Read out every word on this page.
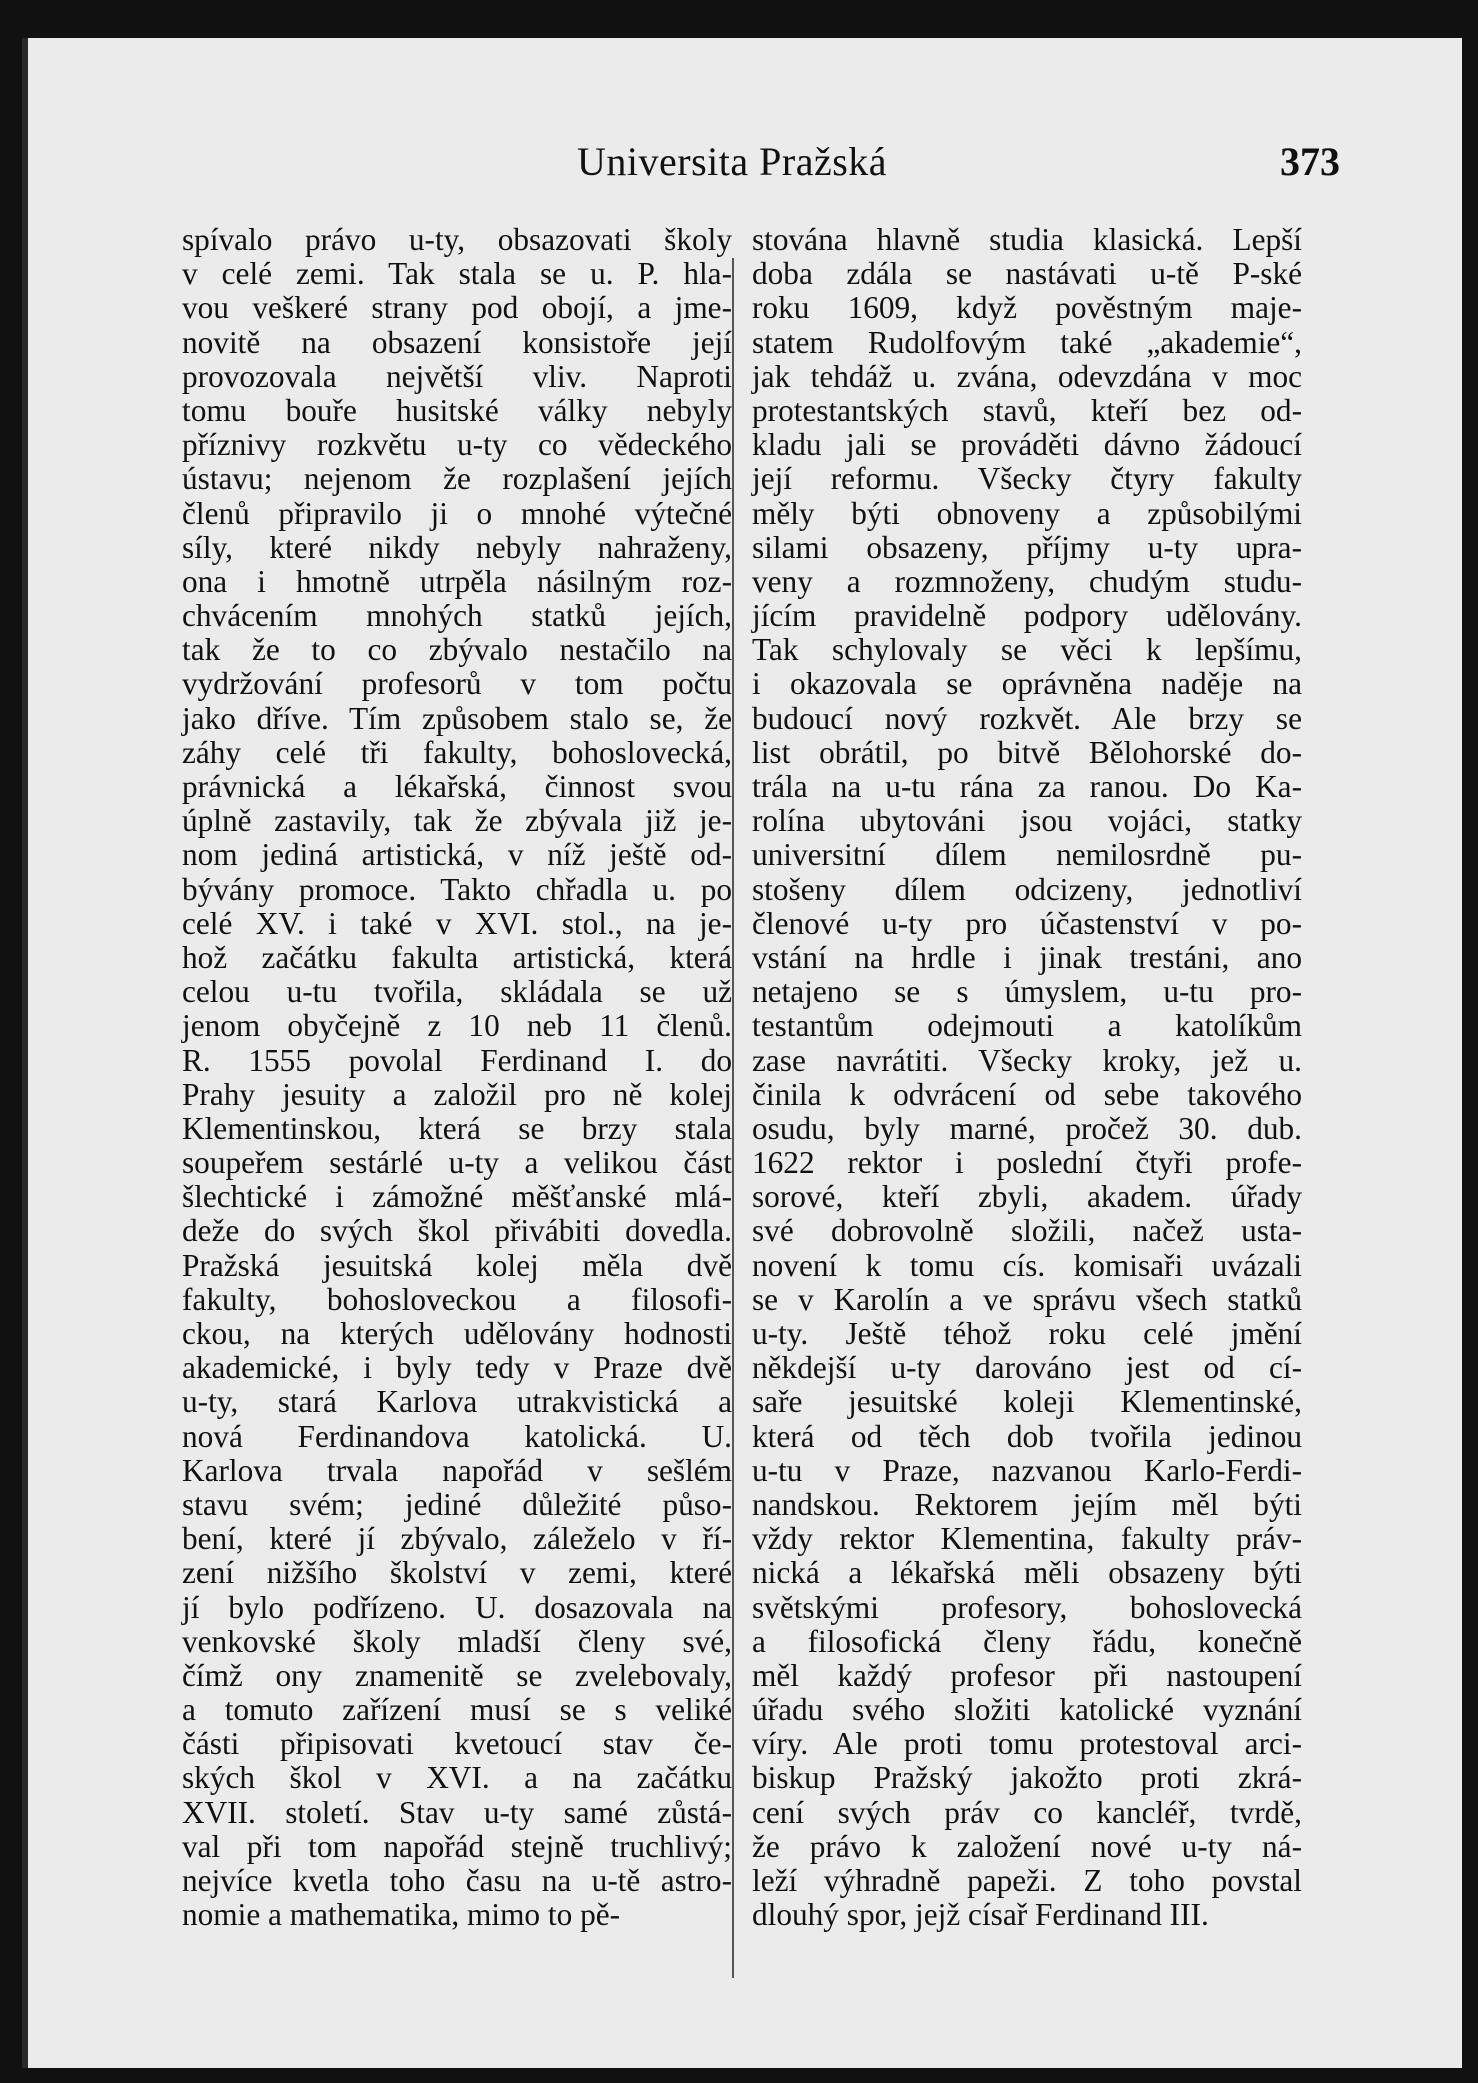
Universita Pražská	373
spívalo právo u-ty, obsazovati školy
v celé zemi. Tak stala se u. P. hla-
vou veškeré strany pod obojí, a jme-
novitě na obsazení konsistoře její
provozovala největší vliv. Naproti
tomu bouře husitské války nebyly
příznivy rozkvětu u-ty co vědeckého
ústavu; nejenom že rozplašení jejích
členů připravilo ji o mnohé výtečné
síly, které nikdy nebyly nahraženy,
ona i hmotně utrpěla násilným roz-
chvácením mnohých statků jejích,
tak že to co zbývalo nestačilo na
vydržování profesorů v tom počtu
jako dříve. Tím způsobem stalo se, že
záhy celé tři fakulty, bohoslovecká,
právnická a lékařská, činnost svou
úplně zastavily, tak že zbývala již je-
nom jediná artistická, v níž ještě od-
bývány promoce. Takto chřadla u. po
celé XV. i také v XVI. stol., na je-
hož začátku fakulta artistická, která
celou u-tu tvořila, skládala se už
jenom obyčejně z 10 neb 11 členů.
R. 1555 povolal Ferdinand I. do
Prahy jesuity a založil pro ně kolej
Klementinskou, která se brzy stala
soupeřem sestárlé u-ty a velikou část
šlechtické i zámožné měšťanské mlá-
deže do svých škol přivábiti dovedla.
Pražská jesuitská kolej měla dvě
fakulty, bohosloveckou a filosofi-
ckou, na kterých udělovány hodnosti
akademické, i byly tedy v Praze dvě
u-ty, stará Karlova utrakvistická a
nová Ferdinandova katolická. U.
Karlova trvala napořád v sešlém
stavu svém; jediné důležité půso-
bení, které jí zbývalo, záleželo v ří-
zení nižšího školství v zemi, které
jí bylo podřízeno. U. dosazovala na
venkovské školy mladší členy své,
čímž ony znamenitě se zvelebovaly,
a tomuto zařízení musí se s veliké
části připisovati kvetoucí stav če-
ských škol v XVI. a na začátku
XVII. století. Stav u-ty samé zůstá-
val při tom napořád stejně truchlivý;
nejvíce kvetla toho času na u-tě astro-
nomie a mathematika, mimo to pě-
stována hlavně studia klasická. Lepší
doba zdála se nastávati u-tě P-ské
roku 1609, když pověstným maje-
statem Rudolfovým také „akademie“,
jak tehdáž u. zvána, odevzdána v moc
protestantských stavů, kteří bez od-
kladu jali se prováděti dávno žádoucí
její reformu. Všecky čtyry fakulty
měly býti obnoveny a způsobilými
silami obsazeny, příjmy u-ty upra-
veny a rozmnoženy, chudým studu-
jícím pravidelně podpory udělovány.
Tak schylovaly se věci k lepšímu,
i okazovala se oprávněna naděje na
budoucí nový rozkvět. Ale brzy se
list obrátil, po bitvě Bělohorské do-
trála na u-tu rána za ranou. Do Ka-
rolína ubytováni jsou vojáci, statky
universitní dílem nemilosrdně pu-
stošeny dílem odcizeny, jednotliví
členové u-ty pro účastenství v po-
vstání na hrdle i jinak trestáni, ano
netajeno se s úmyslem, u-tu pro-
testantům odejmouti a katolíkům
zase navrátiti. Všecky kroky, jež u.
činila k odvrácení od sebe takového
osudu, byly marné, pročež 30. dub.
1622 rektor i poslední čtyři profe-
sorové, kteří zbyli, akadem. úřady
své dobrovolně složili, načež usta-
novení k tomu cís. komisaři uvázali
se v Karolín a ve správu všech statků
u-ty. Ještě téhož roku celé jmění
někdejší u-ty darováno jest od cí-
saře jesuitské koleji Klementinské,
která od těch dob tvořila jedinou
u-tu v Praze, nazvanou Karlo-Ferdi-
nandskou. Rektorem jejím měl býti
vždy rektor Klementina, fakulty práv-
nická a lékařská měli obsazeny býti
světskými profesory, bohoslovecká
a filosofická členy řádu, konečně
měl každý profesor při nastoupení
úřadu svého složiti katolické vyznání
víry. Ale proti tomu protestoval arci-
biskup Pražský jakožto proti zkrá-
cení svých práv co kancléř, tvrdě,
že právo k založení nové u-ty ná-
leží výhradně papeži. Z toho povstal
dlouhý spor, jejž císař Ferdinand III.
